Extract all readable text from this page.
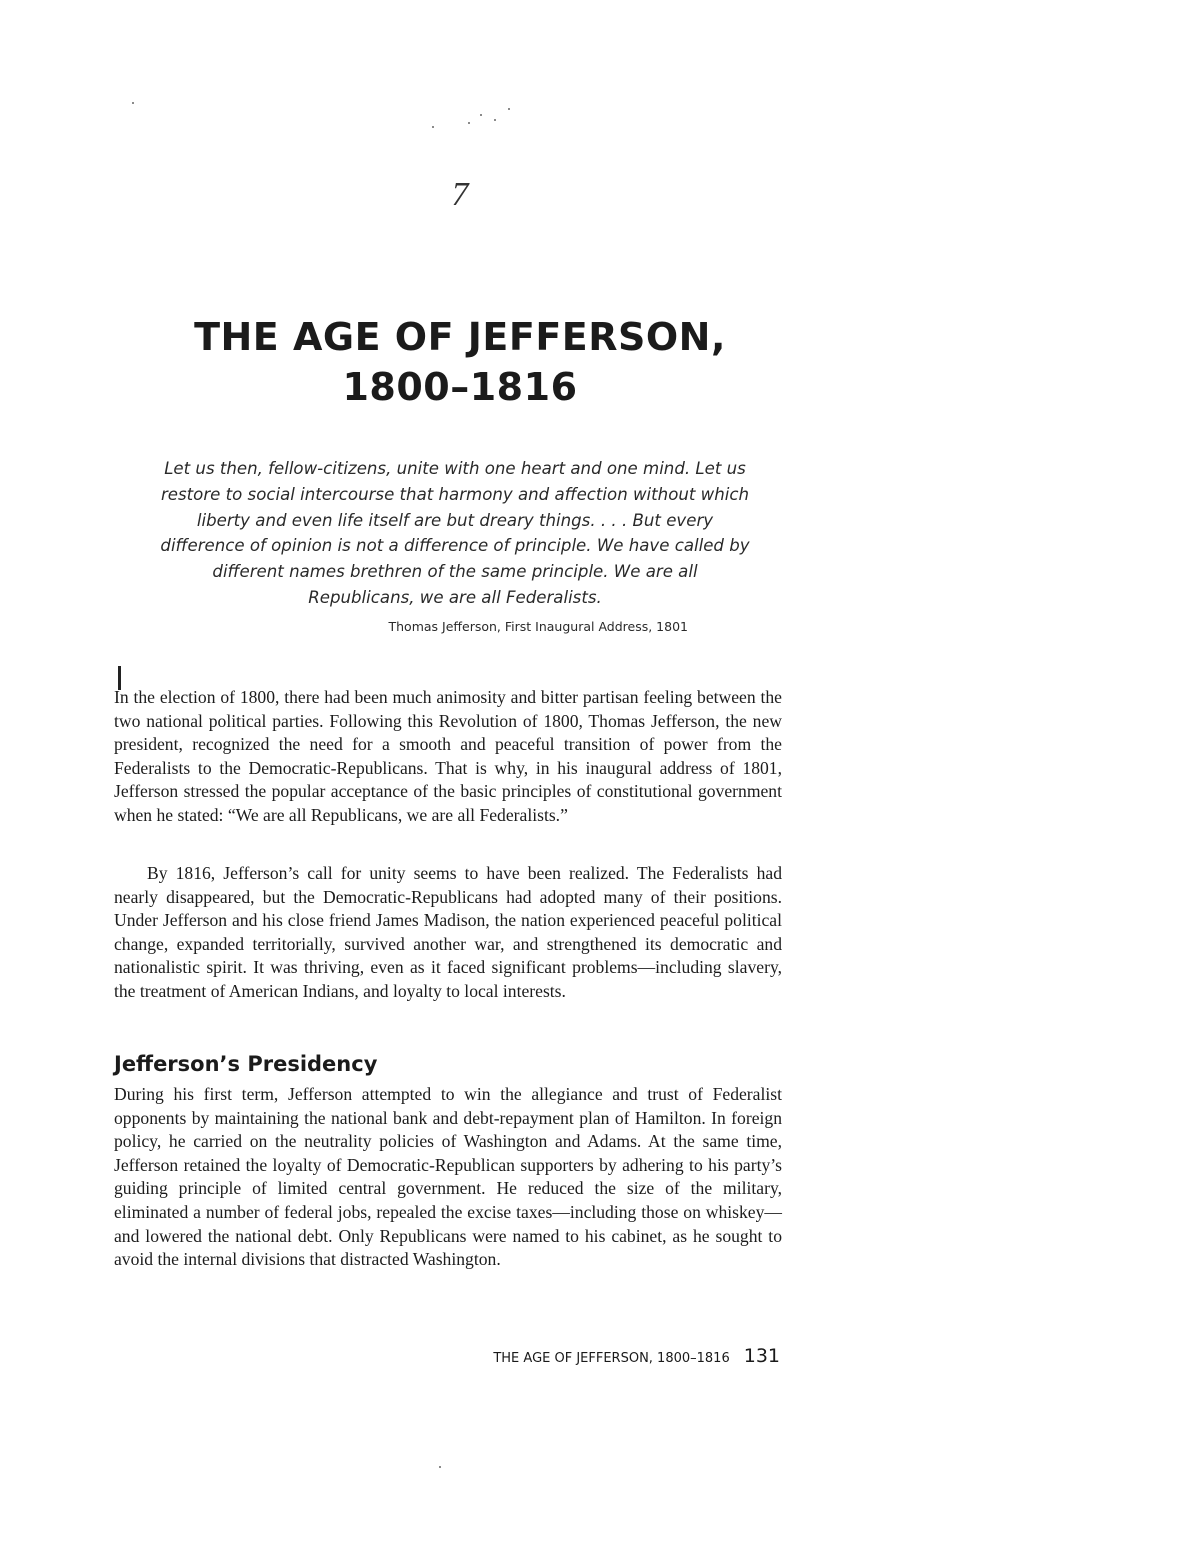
7
THE AGE OF JEFFERSON,
1800–1816
Let us then, fellow-citizens, unite with one heart and one mind. Let us restore to social intercourse that harmony and affection without which liberty and even life itself are but dreary things. . . . But every difference of opinion is not a difference of principle. We have called by different names brethren of the same principle. We are all Republicans, we are all Federalists.
Thomas Jefferson, First Inaugural Address, 1801

In the election of 1800, there had been much animosity and bitter partisan feeling between the two national political parties. Following this Revolution of 1800, Thomas Jefferson, the new president, recognized the need for a smooth and peaceful transition of power from the Federalists to the Democratic-Republicans. That is why, in his inaugural address of 1801, Jefferson stressed the popular acceptance of the basic principles of constitutional government when he stated: “We are all Republicans, we are all Federalists.”

By 1816, Jefferson’s call for unity seems to have been realized. The Federalists had nearly disappeared, but the Democratic-Republicans had adopted many of their positions. Under Jefferson and his close friend James Madison, the nation experienced peaceful political change, expanded territorially, survived another war, and strengthened its democratic and nationalistic spirit. It was thriving, even as it faced significant problems—including slavery, the treatment of American Indians, and loyalty to local interests.

Jefferson’s Presidency

During his first term, Jefferson attempted to win the allegiance and trust of Federalist opponents by maintaining the national bank and debt-repayment plan of Hamilton. In foreign policy, he carried on the neutrality policies of Washington and Adams. At the same time, Jefferson retained the loyalty of Democratic-Republican supporters by adhering to his party’s guiding principle of limited central government. He reduced the size of the military, eliminated a number of federal jobs, repealed the excise taxes—including those on whiskey—and lowered the national debt. Only Republicans were named to his cabinet, as he sought to avoid the internal divisions that distracted Washington.

THE AGE OF JEFFERSON, 1800–1816 131
